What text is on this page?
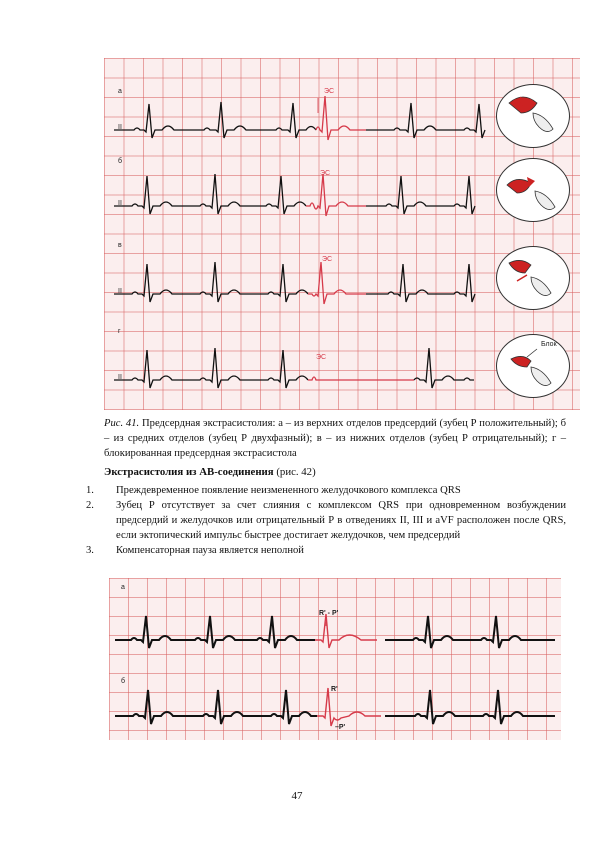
а
II
ЭС
б
II
ЭС
в
II
ЭС
г
II
ЭС
Блок
Рис. 41. Предсердная экстрасистолия: а – из верхних отделов предсердий (зубец Р положительный); б – из средних отделов (зубец Р двухфазный); в – из нижних отделов (зубец Р отрицательный); г – блокированная предсердная экстрасистола
Экстрасистолия из АВ-соединения (рис. 42)
1. Преждевременное появление неизмененного желудочкового комплекса QRS
2. Зубец Р отсутствует за счет слияния с комплексом QRS при одновременном возбуждении предсердий и желудочков или отрицательный Р в отведениях II, III и aVF расположен после QRS, если эктопический импульс быстрее достигает желудочков, чем предсердий
3. Компенсаторная пауза является неполной
а
R' - P'
б
R'
–P'
47
